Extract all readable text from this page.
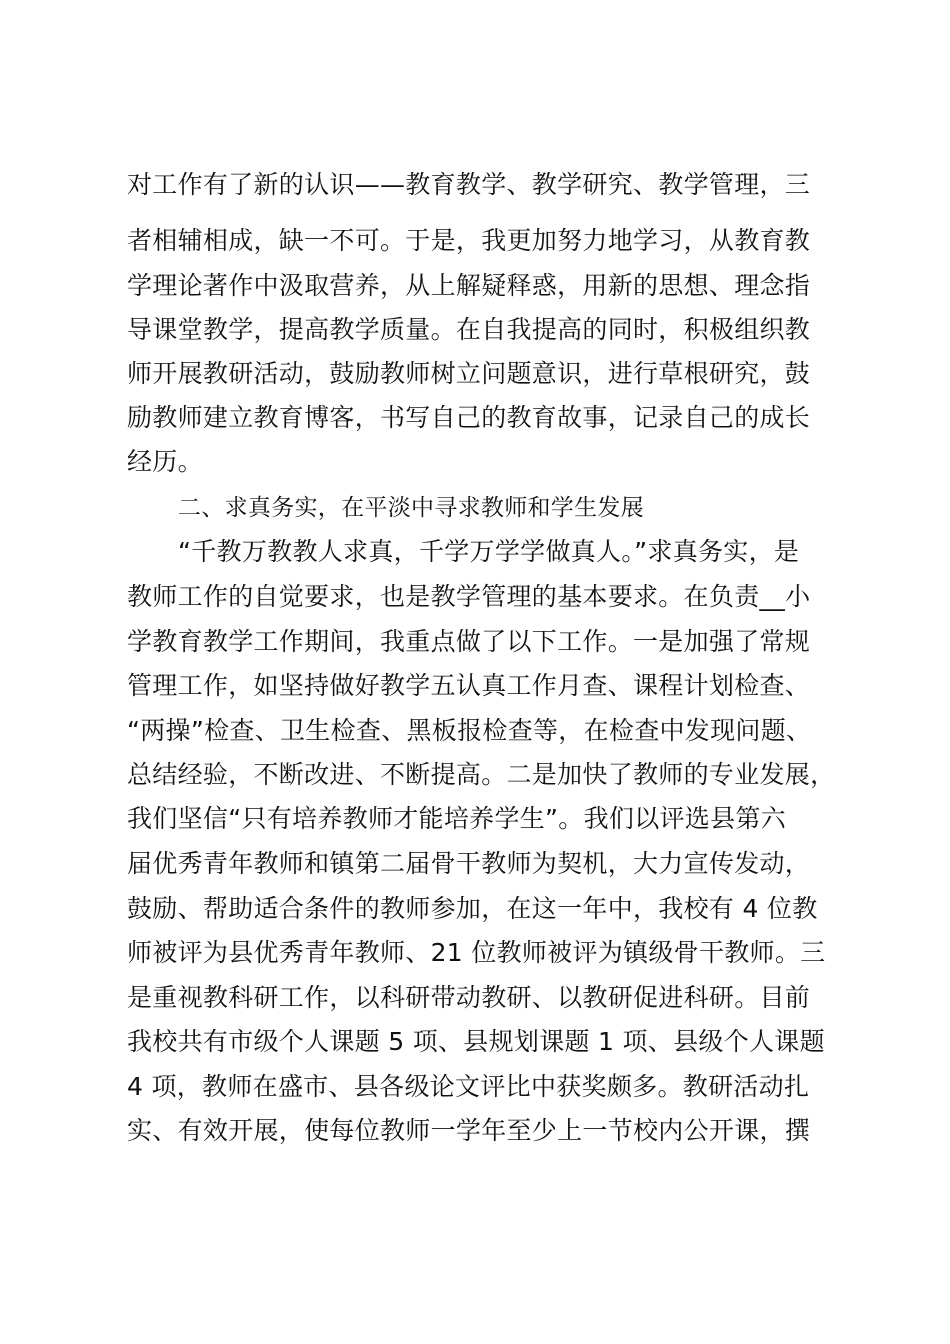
对工作有了新的认识——教育教学、教学研究、教学管理，三
者相辅相成，缺一不可。于是，我更加努力地学习，从教育教
学理论著作中汲取营养，从上解疑释惑，用新的思想、理念指
导课堂教学，提高教学质量。在自我提高的同时，积极组织教
师开展教研活动，鼓励教师树立问题意识，进行草根研究，鼓
励教师建立教育博客，书写自己的教育故事，记录自己的成长
经历。
二、求真务实，在平淡中寻求教师和学生发展
“千教万教教人求真，千学万学学做真人。”求真务实，是
教师工作的自觉要求，也是教学管理的基本要求。在负责__小
学教育教学工作期间，我重点做了以下工作。一是加强了常规
管理工作，如坚持做好教学五认真工作月查、课程计划检查、
“两操”检查、卫生检查、黑板报检查等，在检查中发现问题、
总结经验，不断改进、不断提高。二是加快了教师的专业发展，
我们坚信“只有培养教师才能培养学生”。我们以评选县第六
届优秀青年教师和镇第二届骨干教师为契机，大力宣传发动，
鼓励、帮助适合条件的教师参加，在这一年中，我校有 4 位教
师被评为县优秀青年教师、21 位教师被评为镇级骨干教师。三
是重视教科研工作，以科研带动教研、以教研促进科研。目前
我校共有市级个人课题 5 项、县规划课题 1 项、县级个人课题
4 项，教师在盛市、县各级论文评比中获奖颇多。教研活动扎
实、有效开展，使每位教师一学年至少上一节校内公开课，撰
